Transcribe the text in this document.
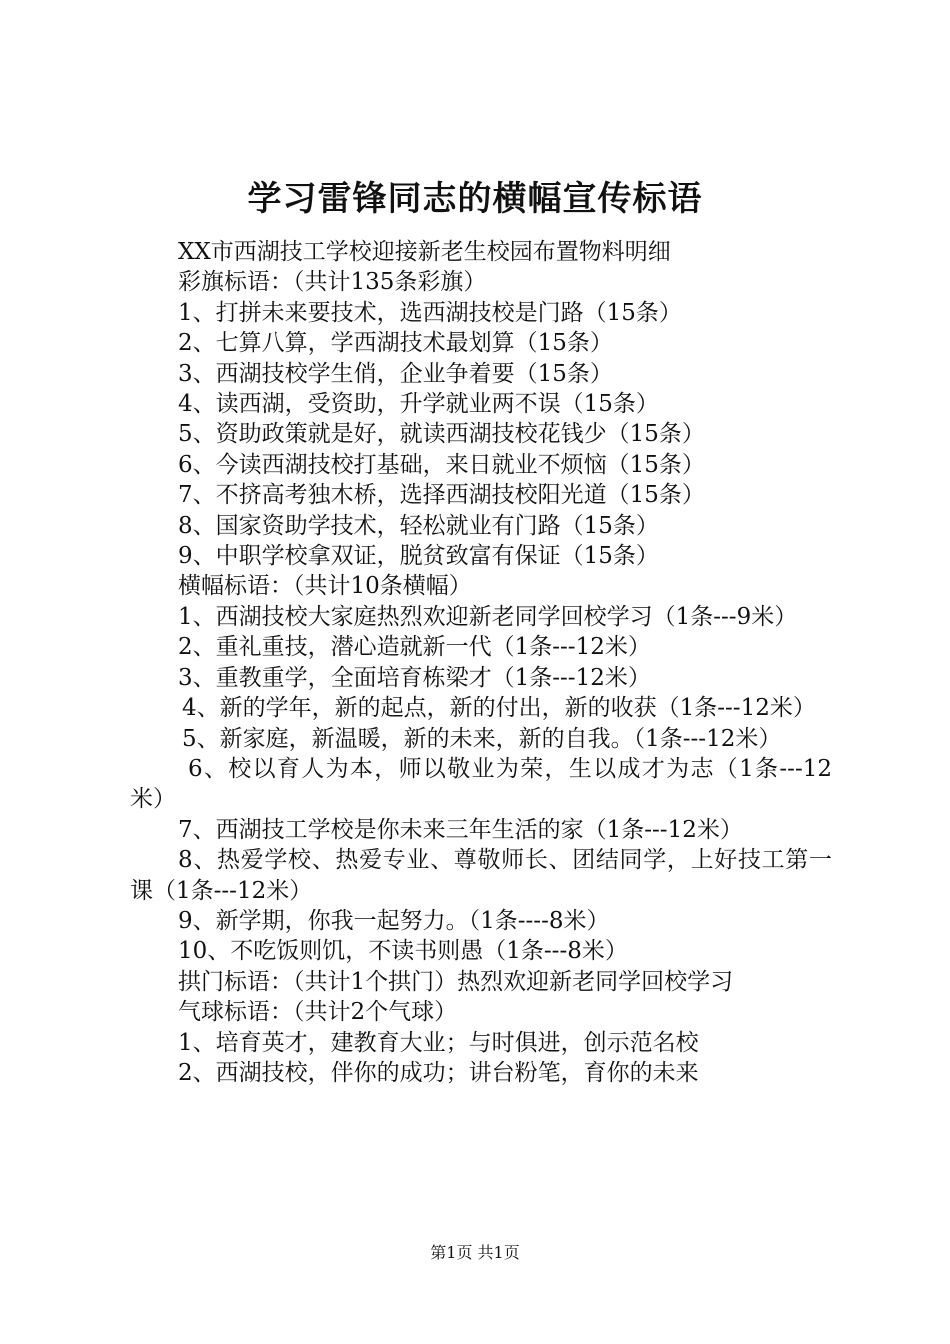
学习雷锋同志的横幅宣传标语

XX市西湖技工学校迎接新老生校园布置物料明细

彩旗标语：（共计135条彩旗）

1、打拼未来要技术，选西湖技校是门路（15条）

2、七算八算，学西湖技术最划算（15条）

3、西湖技校学生俏，企业争着要（15条）

4、读西湖，受资助，升学就业两不误（15条）

5、资助政策就是好，就读西湖技校花钱少（15条）

6、今读西湖技校打基础，来日就业不烦恼（15条）

7、不挤高考独木桥，选择西湖技校阳光道（15条）

8、国家资助学技术，轻松就业有门路（15条）

9、中职学校拿双证，脱贫致富有保证（15条）

横幅标语：（共计10条横幅）

1、西湖技校大家庭热烈欢迎新老同学回校学习（1条---9米）

2、重礼重技，潜心造就新一代（1条---12米）

3、重教重学，全面培育栋梁才（1条---12米）

4、新的学年，新的起点，新的付出，新的收获（1条---12米）

5、新家庭，新温暖，新的未来，新的自我。（1条---12米）

6、校以育人为本，师以敬业为荣，生以成才为志（1条---12米）

7、西湖技工学校是你未来三年生活的家（1条---12米）

8、热爱学校、热爱专业、尊敬师长、团结同学，上好技工第一课（1条---12米）

9、新学期，你我一起努力。（1条----8米）

10、不吃饭则饥，不读书则愚（1条---8米）

拱门标语：（共计1个拱门）热烈欢迎新老同学回校学习

气球标语：（共计2个气球）

1、培育英才，建教育大业；与时俱进，创示范名校

2、西湖技校，伴你的成功；讲台粉笔，育你的未来

第1页 共1页
